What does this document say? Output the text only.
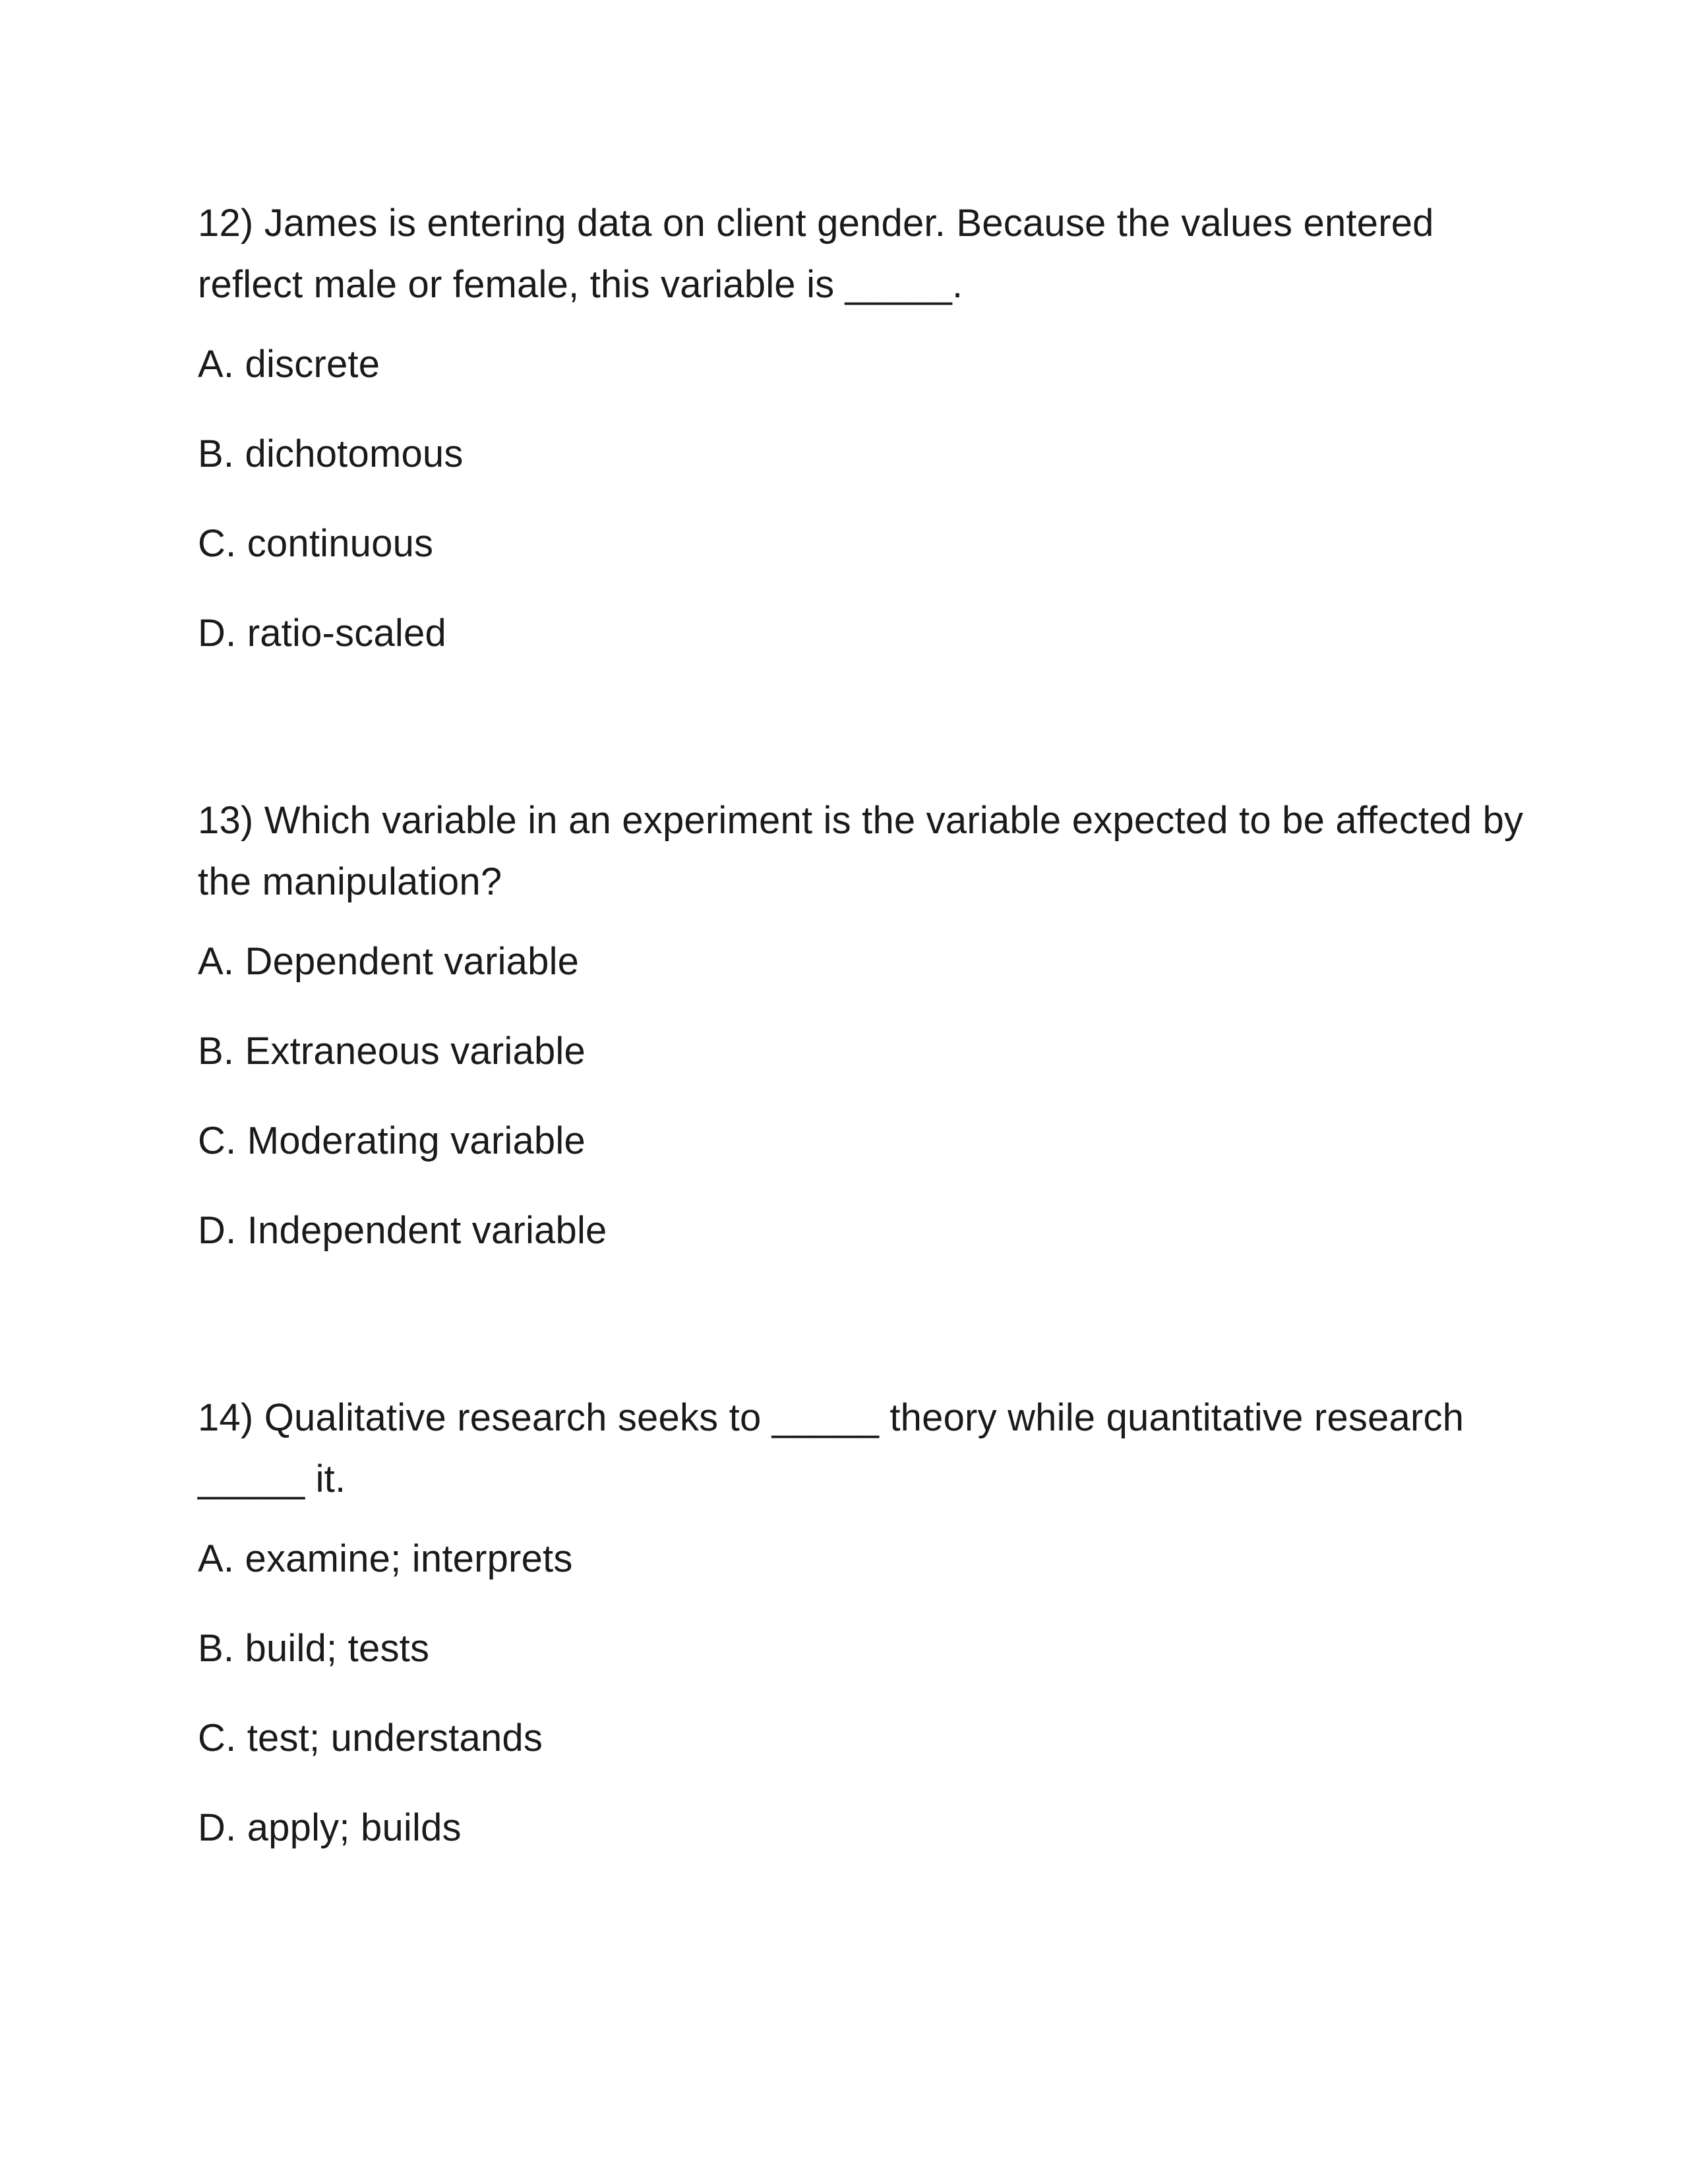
12) James is entering data on client gender. Because the values entered reflect male or female, this variable is _____.

A. discrete
B. dichotomous
C. continuous
D. ratio-scaled

13) Which variable in an experiment is the variable expected to be affected by the manipulation?

A. Dependent variable
B. Extraneous variable
C. Moderating variable
D. Independent variable

14) Qualitative research seeks to _____ theory while quantitative research _____ it.

A. examine; interprets
B. build; tests
C. test; understands
D. apply; builds
